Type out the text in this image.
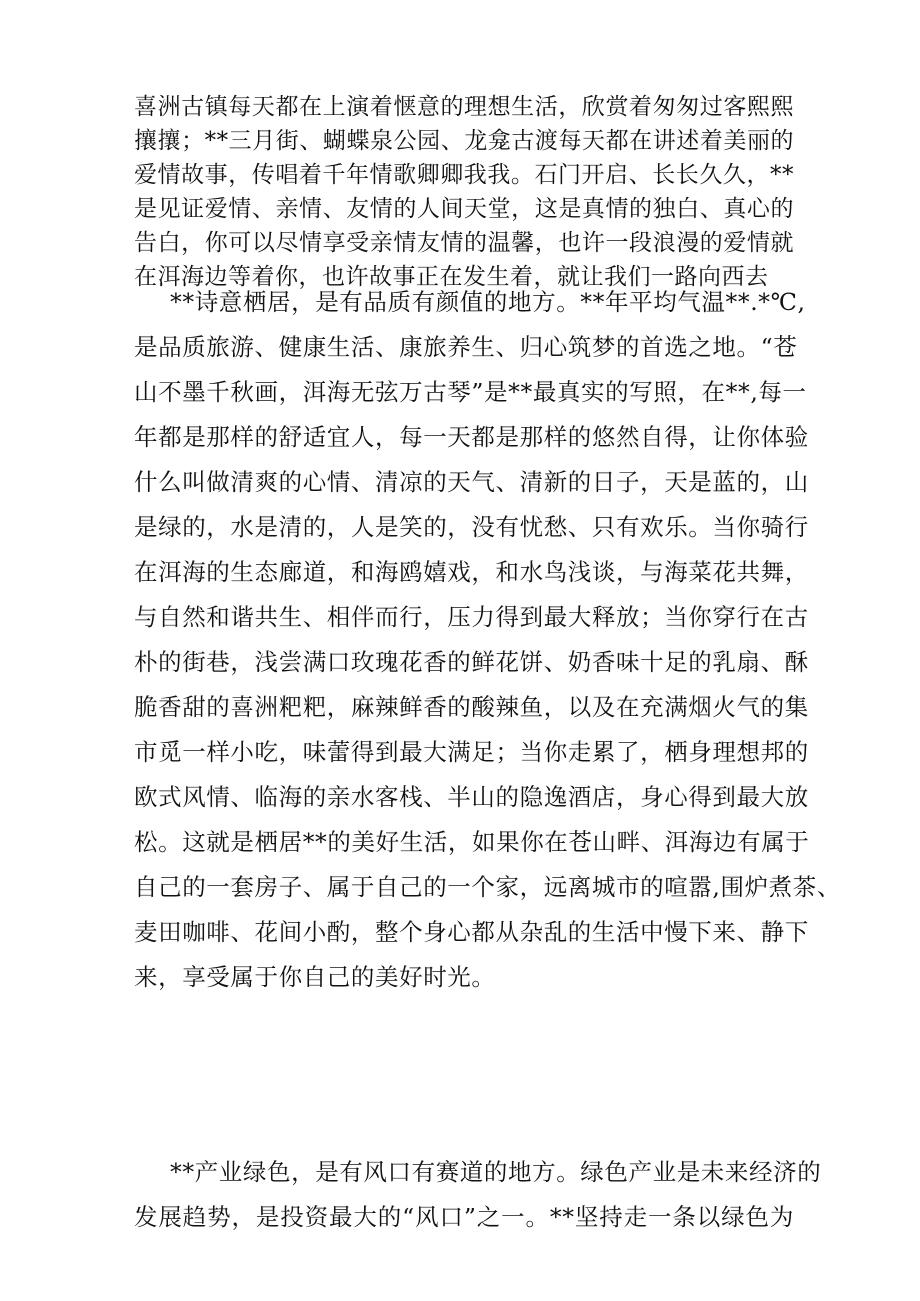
喜洲古镇每天都在上演着惬意的理想生活，欣赏着匆匆过客熙熙
攘攘；**三月街、蝴蝶泉公园、龙龛古渡每天都在讲述着美丽的
爱情故事，传唱着千年情歌卿卿我我。石门开启、长长久久，**
是见证爱情、亲情、友情的人间天堂，这是真情的独白、真心的
告白，你可以尽情享受亲情友情的温馨，也许一段浪漫的爱情就
在洱海边等着你，也许故事正在发生着，就让我们一路向西去

**诗意栖居，是有品质有颜值的地方。**年平均气温**.*℃,
是品质旅游、健康生活、康旅养生、归心筑梦的首选之地。“苍
山不墨千秋画，洱海无弦万古琴”是**最真实的写照，在**,每一
年都是那样的舒适宜人，每一天都是那样的悠然自得，让你体验
什么叫做清爽的心情、清凉的天气、清新的日子，天是蓝的，山
是绿的，水是清的，人是笑的，没有忧愁、只有欢乐。当你骑行
在洱海的生态廊道，和海鸥嬉戏，和水鸟浅谈，与海菜花共舞，
与自然和谐共生、相伴而行，压力得到最大释放；当你穿行在古
朴的街巷，浅尝满口玫瑰花香的鲜花饼、奶香味十足的乳扇、酥
脆香甜的喜洲粑粑，麻辣鲜香的酸辣鱼，以及在充满烟火气的集
市觅一样小吃，味蕾得到最大满足；当你走累了，栖身理想邦的
欧式风情、临海的亲水客栈、半山的隐逸酒店，身心得到最大放
松。这就是栖居**的美好生活，如果你在苍山畔、洱海边有属于
自己的一套房子、属于自己的一个家，远离城市的喧嚣,围炉煮茶、
麦田咖啡、花间小酌，整个身心都从杂乱的生活中慢下来、静下
来，享受属于你自己的美好时光。

**产业绿色，是有风口有赛道的地方。绿色产业是未来经济的
发展趋势，是投资最大的“风口”之一。**坚持走一条以绿色为
